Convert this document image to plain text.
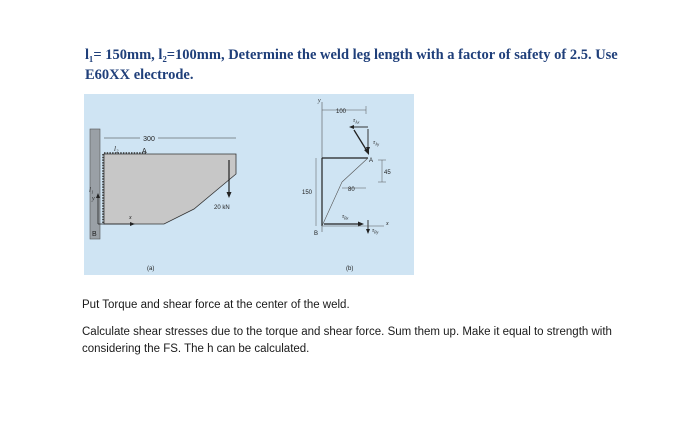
l₁= 150mm, l₂=100mm, Determine the weld leg length with a factor of safety of 2.5. Use E60XX electrode.
300
l₂	A
l₁
y
x
B
20 kN
(a)
y
100
$\tau_{Ax}$
$\tau_{Ay}$
A
45
80
150
$\tau_{Bx}$
$\tau_{By}$
x
B
(b)
Put Torque and shear force at the center of the weld.
Calculate shear stresses due to the torque and shear force. Sum them up. Make it equal to strength with considering the FS. The h can be calculated.
